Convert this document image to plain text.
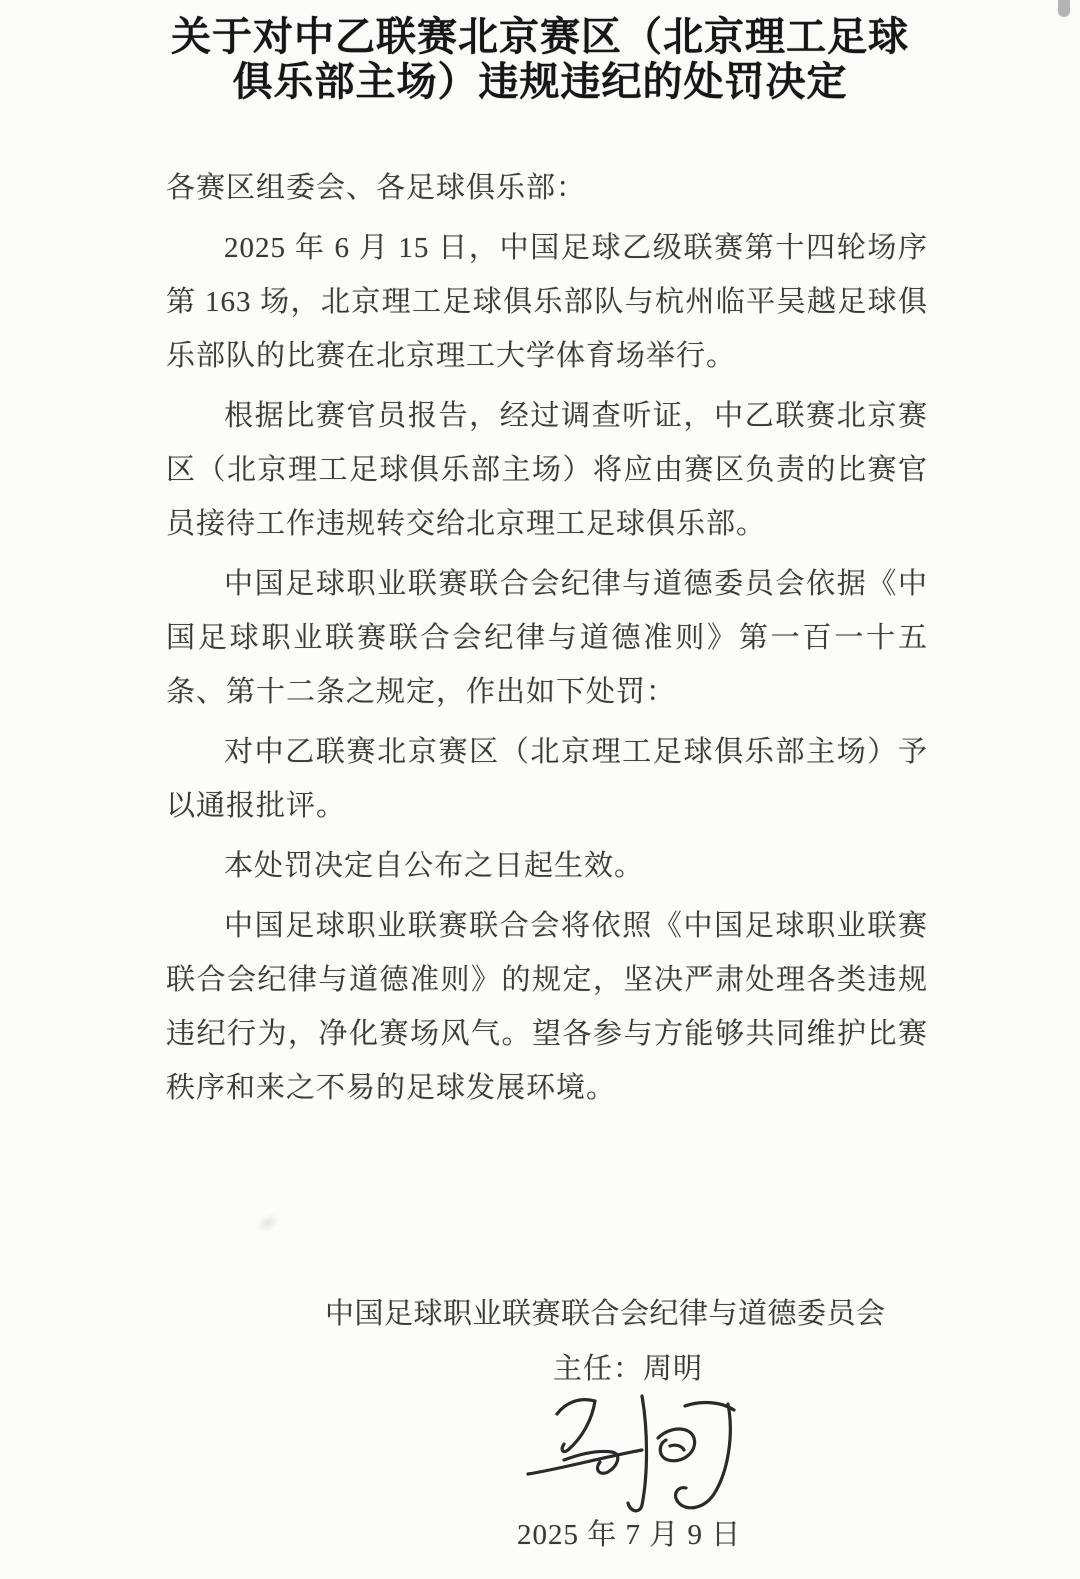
关于对中乙联赛北京赛区（北京理工足球
俱乐部主场）违规违纪的处罚决定

各赛区组委会、各足球俱乐部：

2025 年 6 月 15 日，中国足球乙级联赛第十四轮场序第 163 场，北京理工足球俱乐部队与杭州临平吴越足球俱乐部队的比赛在北京理工大学体育场举行。

根据比赛官员报告，经过调查听证，中乙联赛北京赛区（北京理工足球俱乐部主场）将应由赛区负责的比赛官员接待工作违规转交给北京理工足球俱乐部。

中国足球职业联赛联合会纪律与道德委员会依据《中国足球职业联赛联合会纪律与道德准则》第一百一十五条、第十二条之规定，作出如下处罚：

对中乙联赛北京赛区（北京理工足球俱乐部主场）予以通报批评。

本处罚决定自公布之日起生效。

中国足球职业联赛联合会将依照《中国足球职业联赛联合会纪律与道德准则》的规定，坚决严肃处理各类违规违纪行为，净化赛场风气。望各参与方能够共同维护比赛秩序和来之不易的足球发展环境。

中国足球职业联赛联合会纪律与道德委员会
主任：周明
2025 年 7 月 9 日
